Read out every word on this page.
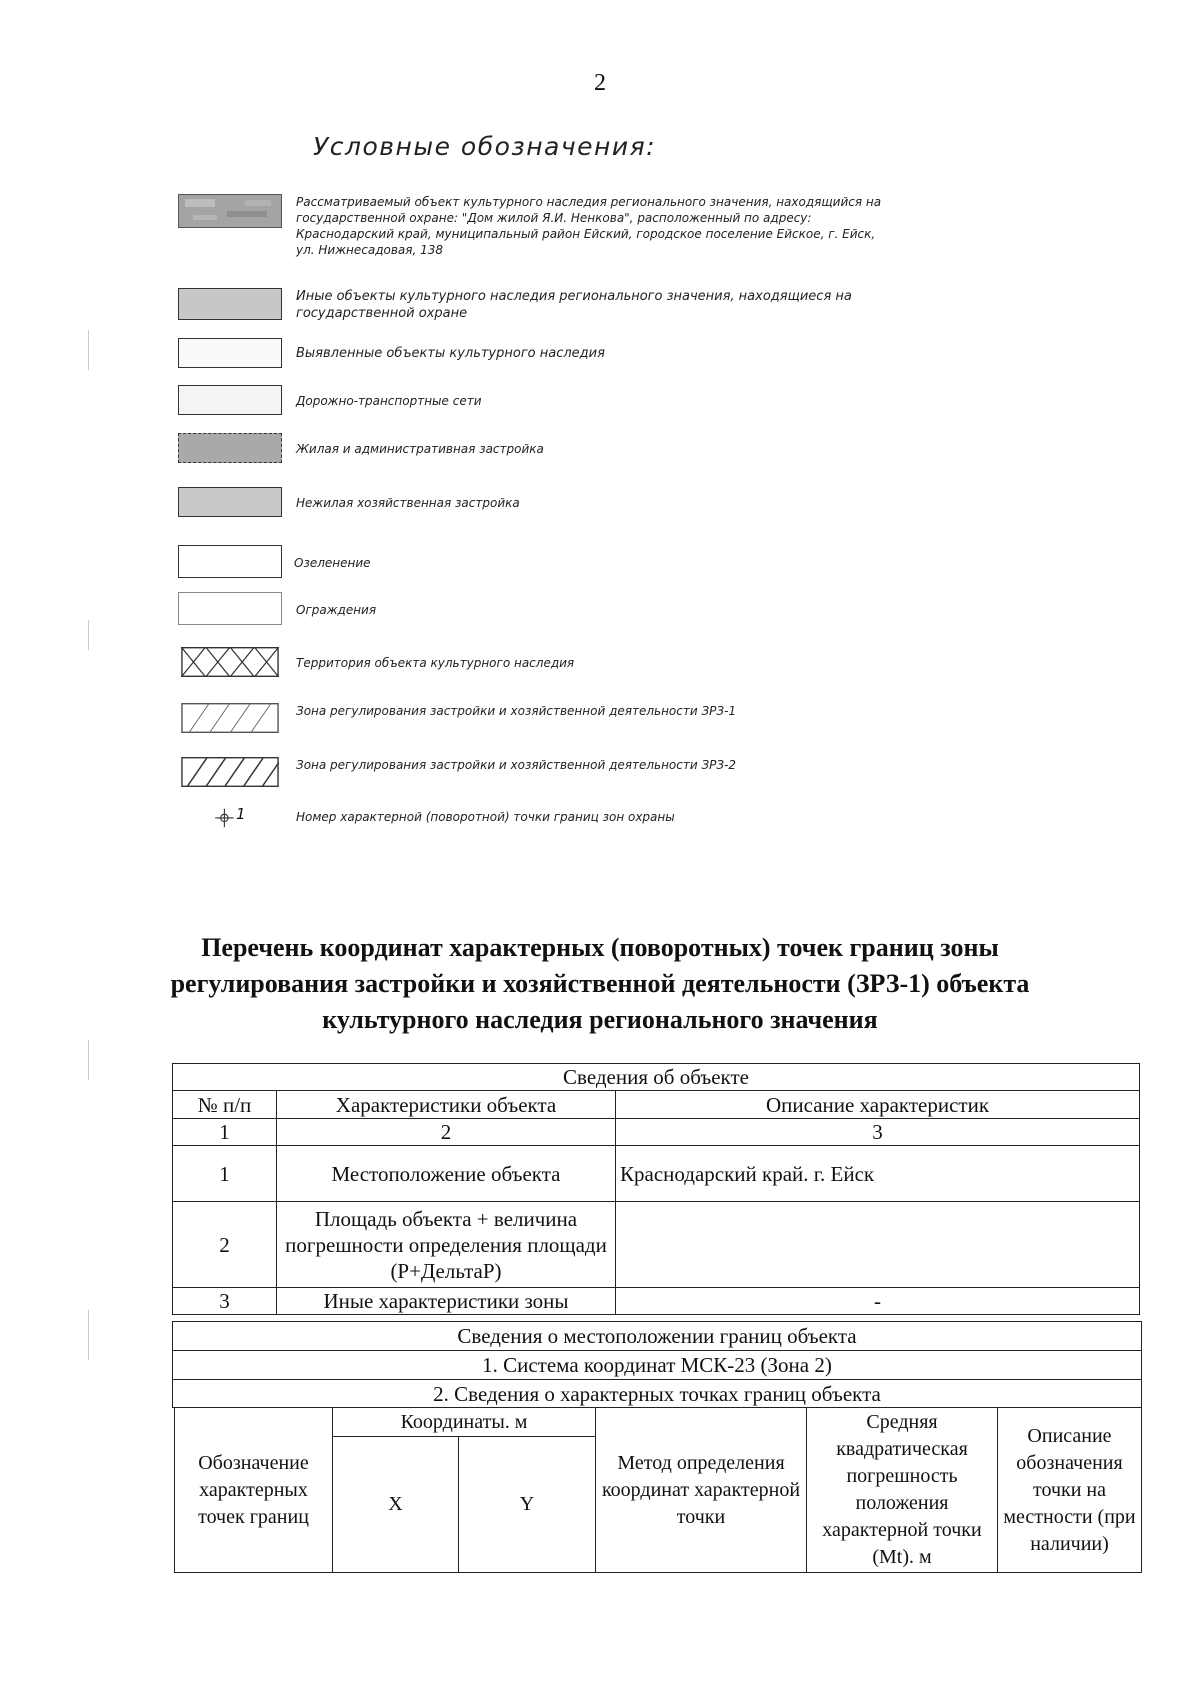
2
Условные обозначения:
Рассматриваемый объект культурного наследия регионального значения, находящийся на государственной охране: "Дом жилой Я.И. Ненкова", расположенный по адресу: Краснодарский край, муниципальный район Ейский, городское поселение Ейское, г. Ейск, ул. Нижнесадовая, 138
Иные объекты культурного наследия регионального значения, находящиеся на государственной охране
Выявленные объекты культурного наследия
Дорожно-транспортные сети
Жилая и административная застройка
Нежилая хозяйственная застройка
Озеленение
Ограждения
Территория объекта культурного наследия
Зона регулирования застройки и хозяйственной деятельности ЗРЗ-1
Зона регулирования застройки и хозяйственной деятельности ЗРЗ-2
1	Номер характерной (поворотной) точки границ зон охраны
Перечень координат характерных (поворотных) точек границ зоны регулирования застройки и хозяйственной деятельности (ЗРЗ-1) объекта культурного наследия регионального значения
Сведения об объекте		
№ п/п	Характеристики объекта	Описание характеристик
1	2	3
1	Местоположение объекта	Краснодарский край. г. Ейск
2	Площадь объекта + величина погрешности определения площади (P+ДельтаР)	
3	Иные характеристики зоны	-
Сведения о местоположении границ объекта
1. Система координат МСК-23 (Зона 2)
2. Сведения о характерных точках границ объекта
Обозначение характерных точек границ	Координаты. м		Метод определения координат характерной точки	Средняя квадратическая погрешность положения характерной точки (Mt). м	Описание обозначения точки на местности (при наличии)
	X	Y			
